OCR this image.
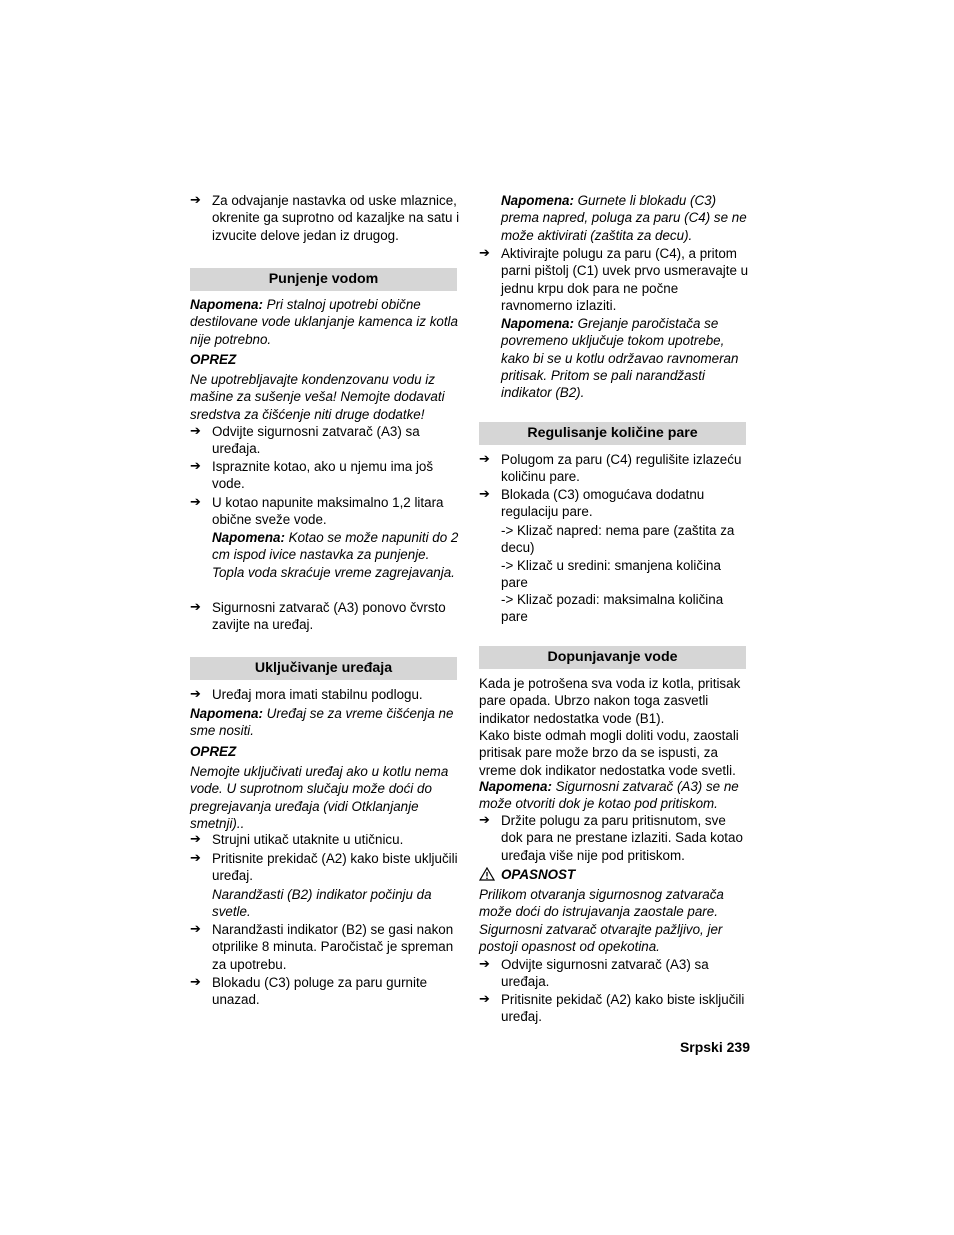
➔ Za odvajanje nastavka od uske mlaznice, okrenite ga suprotno od kazaljke na satu i izvucite delove jedan iz drugog.
Punjenje vodom
Napomena: Pri stalnoj upotrebi obične destilovane vode uklanjanje kamenca iz kotla nije potrebno.
OPREZ
Ne upotrebljavajte kondenzovanu vodu iz mašine za sušenje veša! Nemojte dodavati sredstva za čišćenje niti druge dodatke!
➔ Odvijte sigurnosni zatvarač (A3) sa uređaja.
➔ Ispraznite kotao, ako u njemu ima još vode.
➔ U kotao napunite maksimalno 1,2 litara obične sveže vode.
Napomena: Kotao se može napuniti do 2 cm ispod ivice nastavka za punjenje. Topla voda skraćuje vreme zagrejavanja.
➔ Sigurnosni zatvarač (A3) ponovo čvrsto zavijte na uređaj.
Uključivanje uređaja
➔ Uređaj mora imati stabilnu podlogu.
Napomena: Uređaj se za vreme čišćenja ne sme nositi.
OPREZ
Nemojte uključivati uređaj ako u kotlu nema vode. U suprotnom slučaju može doći do pregrejavanja uređaja (vidi Otklanjanje smetnji)..
➔ Strujni utikač utaknite u utičnicu.
➔ Pritisnite prekidač (A2) kako biste uključili uređaj.
Narandžasti (B2) indikator počinju da svetle.
➔ Narandžasti indikator (B2) se gasi nakon otprilike 8 minuta. Paročistač je spreman za upotrebu.
➔ Blokadu (C3) poluge za paru gurnite unazad.
Napomena: Gurnete li blokadu (C3) prema napred, poluga za paru (C4) se ne može aktivirati (zaštita za decu).
➔ Aktivirajte polugu za paru (C4), a pritom parni pištolj (C1) uvek prvo usmeravajte u jednu krpu dok para ne počne ravnomerno izlaziti.
Napomena: Grejanje paročistača se povremeno uključuje tokom upotrebe, kako bi se u kotlu održavao ravnomeran pritisak. Pritom se pali narandžasti indikator (B2).
Regulisanje količine pare
➔ Polugom za paru (C4) regulišite izlazeću količinu pare.
➔ Blokada (C3) omogućava dodatnu regulaciju pare.
-> Klizač napred: nema pare (zaštita za decu)
-> Klizač u sredini: smanjena količina pare
-> Klizač pozadi: maksimalna količina pare
Dopunjavanje vode
Kada je potrošena sva voda iz kotla, pritisak pare opada. Ubrzo nakon toga zasvetli indikator nedostatka vode (B1).
Kako biste odmah mogli doliti vodu, zaostali pritisak pare može brzo da se ispusti, za vreme dok indikator nedostatka vode svetli.
Napomena: Sigurnosni zatvarač (A3) se ne može otvoriti dok je kotao pod pritiskom.
➔ Držite polugu za paru pritisnutom, sve dok para ne prestane izlaziti. Sada kotao uređaja više nije pod pritiskom.
OPASNOST
Prilikom otvaranja sigurnosnog zatvarača može doći do istrujavanja zaostale pare. Sigurnosni zatvarač otvarajte pažljivo, jer postoji opasnost od opekotina.
➔ Odvijte sigurnosni zatvarač (A3) sa uređaja.
➔ Pritisnite pekidač (A2) kako biste isključili uređaj.
Srpski 239
